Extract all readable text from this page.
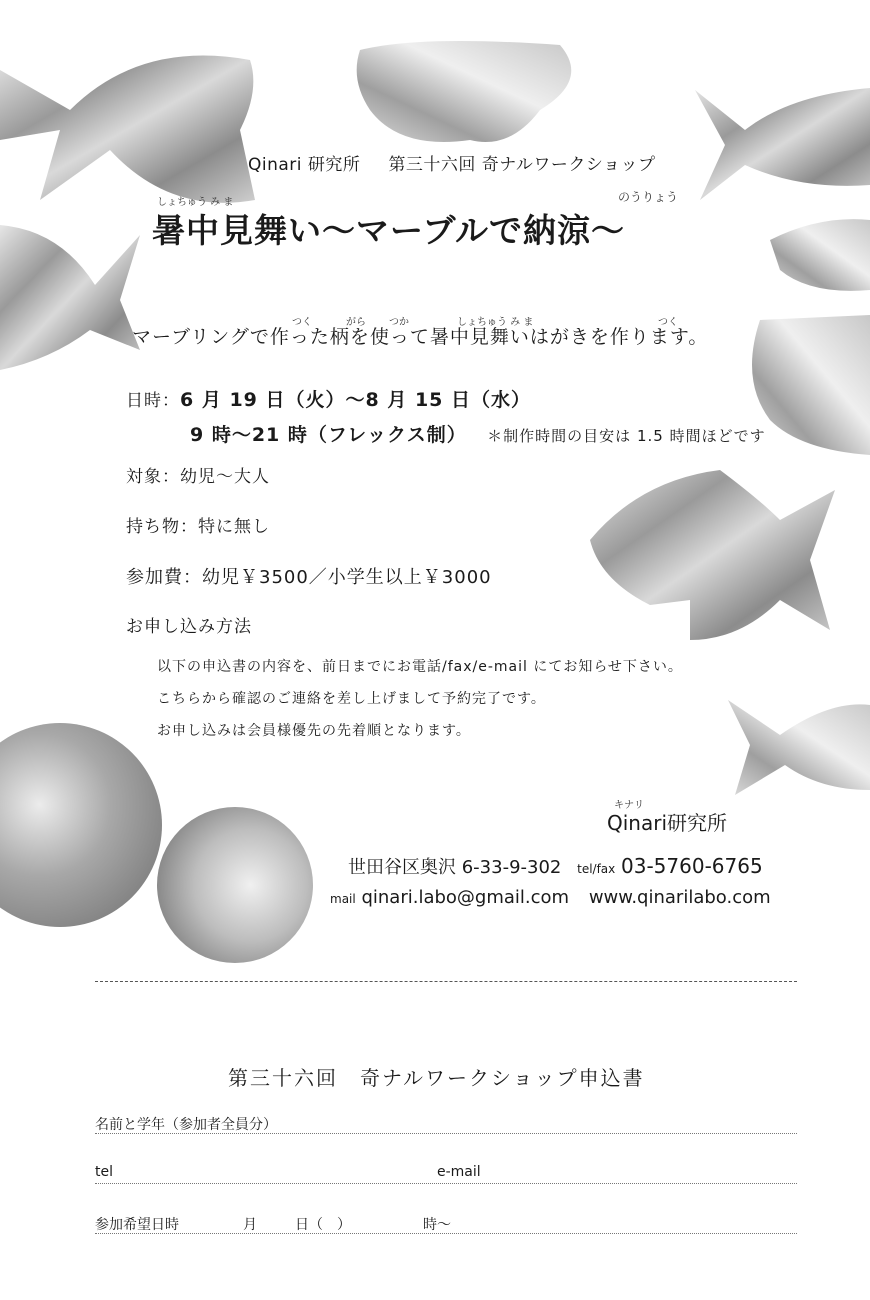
Qinari 研究所 第三十六回 奇ナルワークショップ
しょちゅう み ま	のうりょう
暑中見舞い〜マーブルで納涼〜
マーブリングで作った柄を使って暑中見舞いはがきを作ります。
つく	がら つか	しょちゅう み ま	つく
日時：6 月 19 日（火）〜8 月 15 日（水）
9 時〜21 時（フレックス制） ＊制作時間の目安は 1.5 時間ほどです
対象：幼児〜大人
持ち物：特に無し
参加費：幼児￥3500／小学生以上￥3000
お申し込み方法
以下の申込書の内容を、前日までにお電話/fax/e-mail にてお知らせ下さい。
こちらから確認のご連絡を差し上げまして予約完了です。
お申し込みは会員様優先の先着順となります。
キナリ
Qinari研究所
世田谷区奥沢 6-33-9-302 tel/fax 03-5760-6765
mail qinari.labo@gmail.com www.qinarilabo.com
第三十六回　奇ナルワークショップ申込書
名前と学年（参加者全員分）
tel	e-mail
参加希望日時	月	日（　）	時〜
